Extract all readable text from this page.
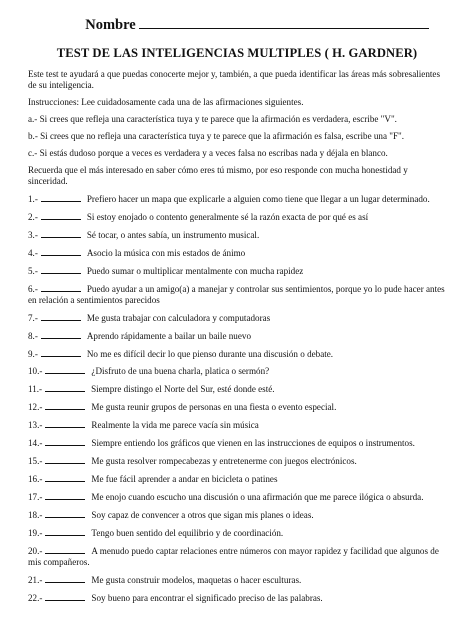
Nombre
TEST DE LAS INTELIGENCIAS MULTIPLES ( H. GARDNER)

Este test te ayudará a que puedas conocerte mejor y, también, a que pueda identificar las áreas más sobresalientes de su inteligencia.

Instrucciones: Lee cuidadosamente cada una de las afirmaciones siguientes.

a.- Si crees que refleja una característica tuya y te parece que la afirmación es verdadera, escribe "V".

b.- Si crees que no refleja una característica tuya y te parece que la afirmación es falsa, escribe una "F".

c.- Si estás dudoso porque a veces es verdadera y a veces falsa no escribas nada y déjala en blanco.

Recuerda que el más interesado en saber cómo eres tú mismo, por eso responde con mucha honestidad y sinceridad.

1.-	Prefiero hacer un mapa que explicarle a alguien como tiene que llegar a un lugar determinado.

2.-	Si estoy enojado o contento generalmente sé la razón exacta de por qué es así

3.-	Sé tocar, o antes sabía, un instrumento musical.

4.-	Asocio la música con mis estados de ánimo

5.-	Puedo sumar o multiplicar mentalmente con mucha rapidez

6.-	Puedo ayudar a un amigo(a) a manejar y controlar sus sentimientos, porque yo lo pude hacer antes en relación a sentimientos parecidos

7.-	Me gusta trabajar con calculadora y computadoras

8.-	Aprendo rápidamente a bailar un baile nuevo

9.-	No me es difícil decir lo que pienso durante una discusión o debate.

10.-	¿Disfruto de una buena charla, platica o sermón?

11.-	Siempre distingo el Norte del Sur, esté donde esté.

12.-	Me gusta reunir grupos de personas en una fiesta o evento especial.

13.-	Realmente la vida me parece vacía sin música

14.-	Siempre entiendo los gráficos que vienen en las instrucciones de equipos o instrumentos.

15.-	Me gusta resolver rompecabezas y entretenerme con juegos electrónicos.

16.-	Me fue fácil aprender a andar en bicicleta o patines

17.-	Me enojo cuando escucho una discusión o una afirmación que me parece ilógica o absurda.

18.-	Soy capaz de convencer a otros que sigan mis planes o ideas.

19.-	Tengo buen sentido del equilibrio y de coordinación.

20.-	A menudo puedo captar relaciones entre números con mayor rapidez y facilidad que algunos de mis compañeros.

21.-	Me gusta construir modelos, maquetas o hacer esculturas.

22.-	Soy bueno para encontrar el significado preciso de las palabras.
